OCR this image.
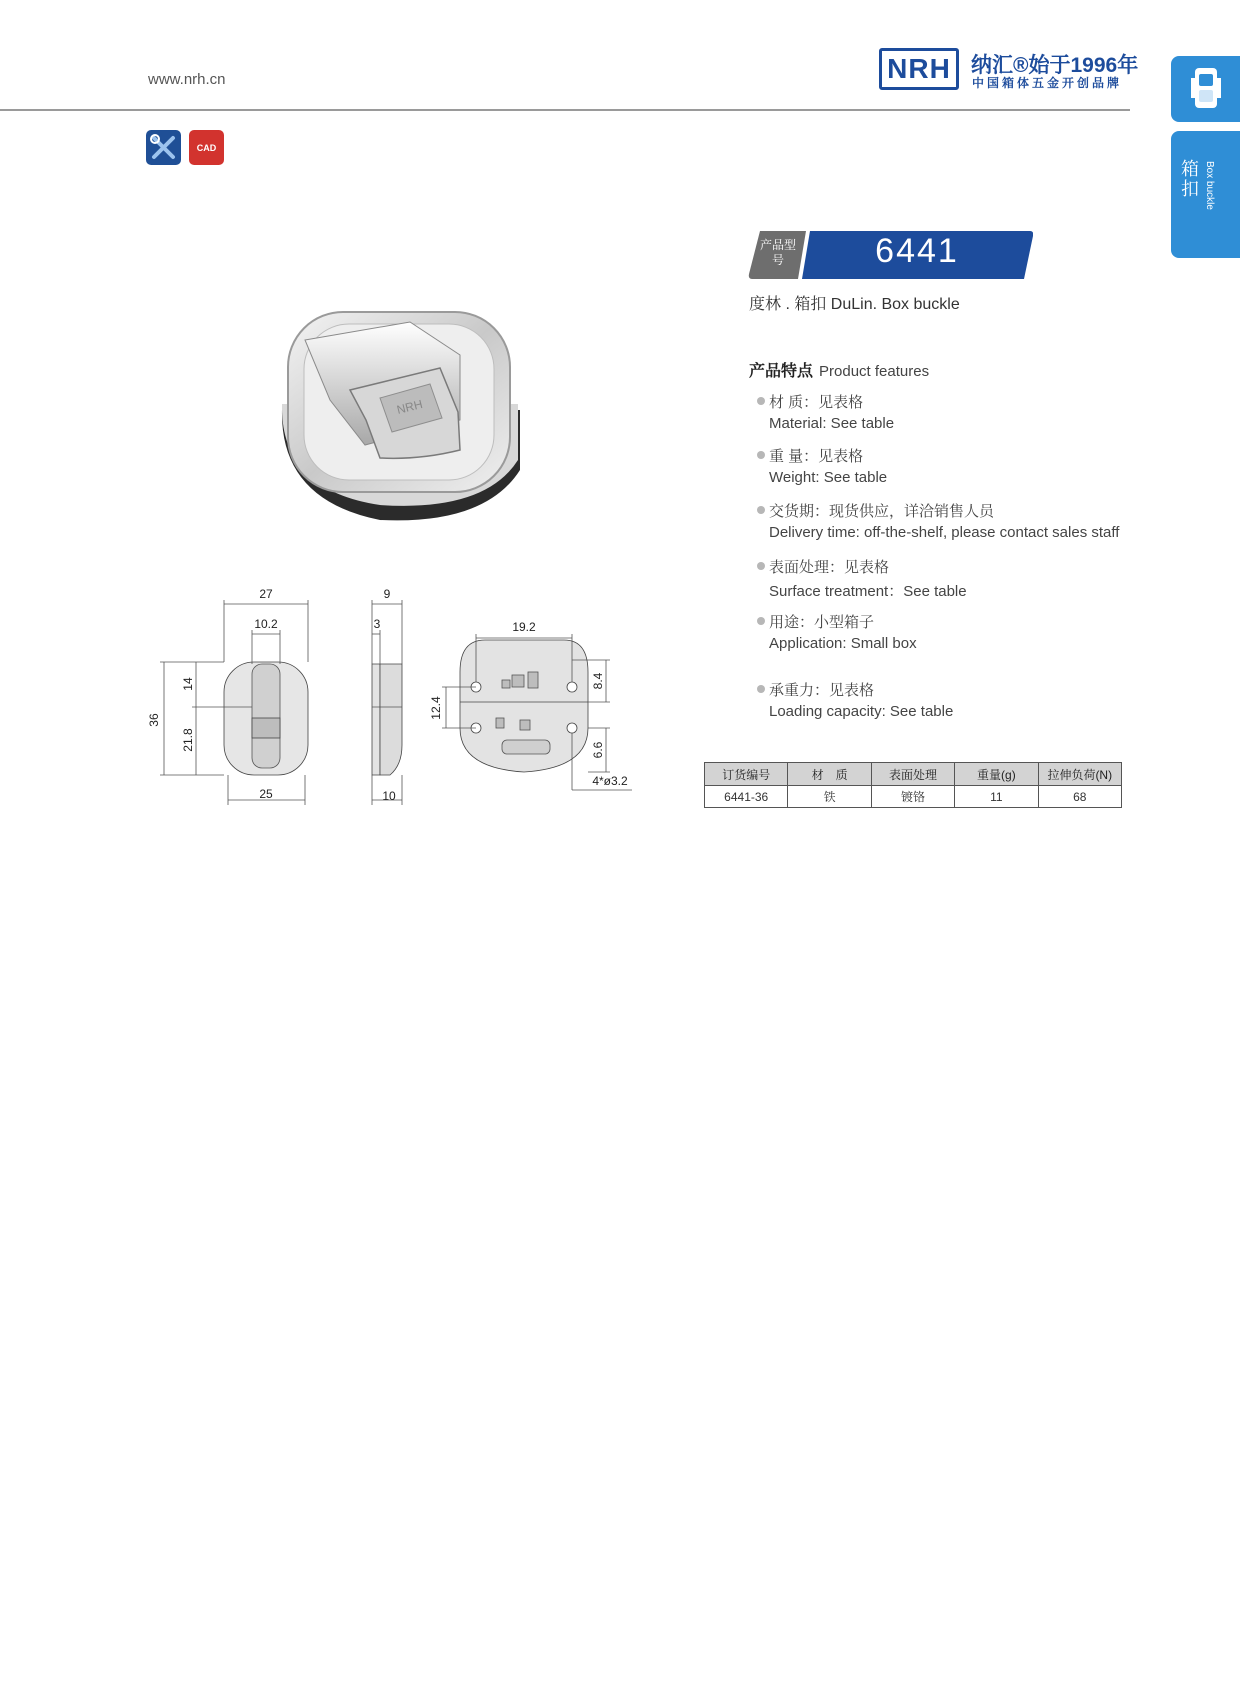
www.nrh.cn	NRH 纳汇®始于1996年
中国箱体五金开创品牌
箱扣 Box buckle
CAD
NRH
27
10.2
36
14
21.8
25
9
3
10
19.2
12.4
8.4
6.6
4*ø3.2
产品型号	6441
度林 . 箱扣 DuLin. Box buckle
产品特点 Product features
材 质：见表格
Material: See table
重 量：见表格
Weight: See table
交货期：现货供应，详洽销售人员
Delivery time: off-the-shelf, please contact sales staff
表面处理：见表格
Surface treatment：See table
用途：小型箱子
Application: Small box
承重力：见表格
Loading capacity: See table
订货编号	材　质	表面处理	重量(g)	拉伸负荷(N)
6441-36	铁	镀铬	11	68
